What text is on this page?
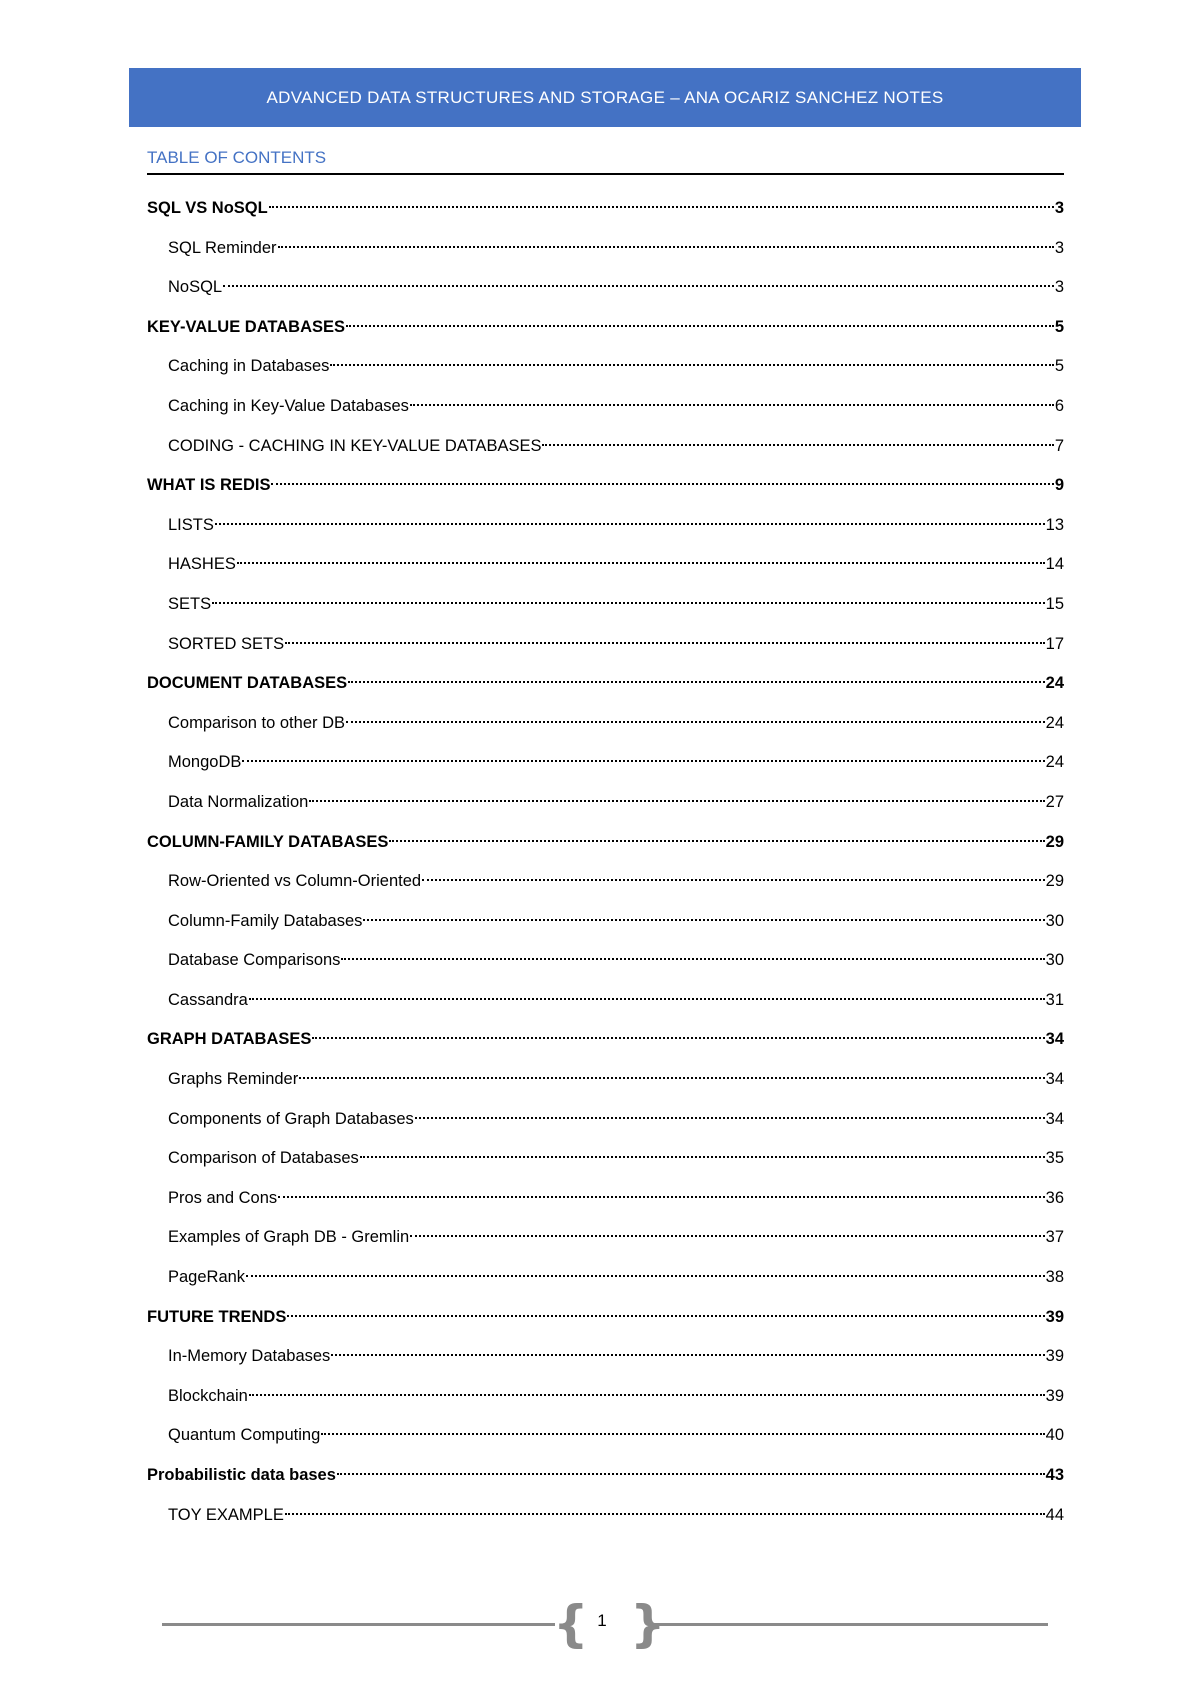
ADVANCED DATA STRUCTURES AND STORAGE – ANA OCARIZ SANCHEZ NOTES
TABLE OF CONTENTS
SQL VS NoSQL	3
SQL Reminder	3
NoSQL	3
KEY-VALUE DATABASES	5
Caching in Databases	5
Caching in Key-Value Databases	6
CODING - CACHING IN KEY-VALUE DATABASES	7
WHAT IS REDIS	9
LISTS	13
HASHES	14
SETS	15
SORTED SETS	17
DOCUMENT DATABASES	24
Comparison to other DB	24
MongoDB	24
Data Normalization	27
COLUMN-FAMILY DATABASES	29
Row-Oriented vs Column-Oriented	29
Column-Family Databases	30
Database Comparisons	30
Cassandra	31
GRAPH DATABASES	34
Graphs Reminder	34
Components of Graph Databases	34
Comparison of Databases	35
Pros and Cons	36
Examples of Graph DB - Gremlin	37
PageRank	38
FUTURE TRENDS	39
In-Memory Databases	39
Blockchain	39
Quantum Computing	40
Probabilistic data bases	43
TOY EXAMPLE	44
{ 1 }
